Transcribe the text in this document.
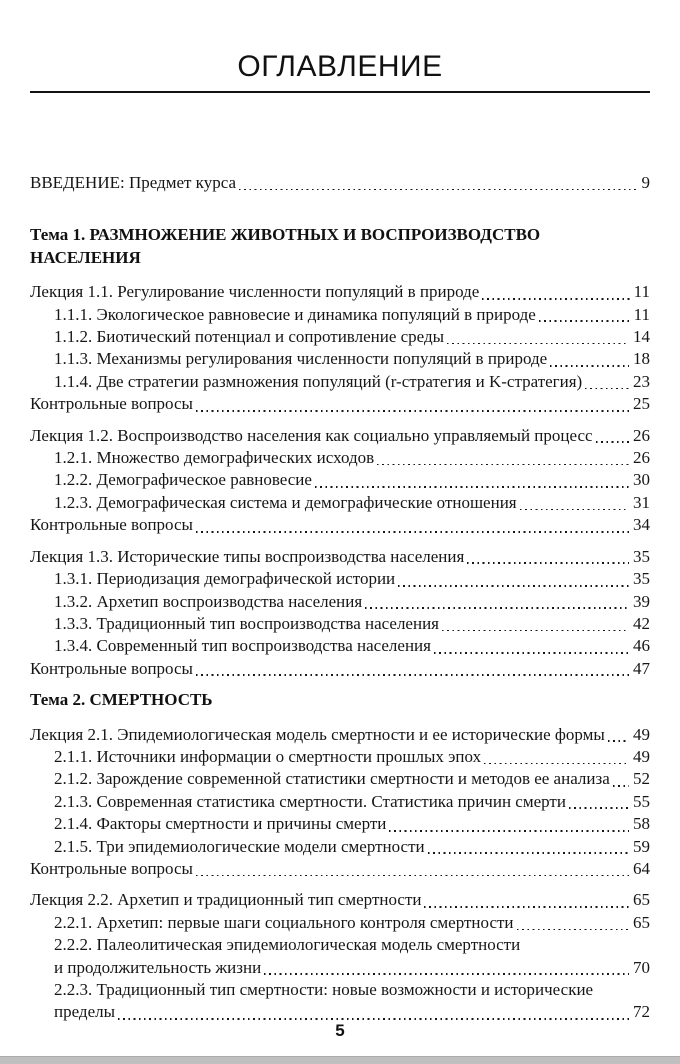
ОГЛАВЛЕНИЕ
ВВЕДЕНИЕ: Предмет курса	9
Тема 1. РАЗМНОЖЕНИЕ ЖИВОТНЫХ И ВОСПРОИЗВОДСТВО НАСЕЛЕНИЯ
Лекция 1.1. Регулирование численности популяций в природе	11
1.1.1. Экологическое равновесие и динамика популяций в природе	11
1.1.2. Биотический потенциал и сопротивление среды	14
1.1.3. Механизмы регулирования численности популяций в природе	18
1.1.4. Две стратегии размножения популяций (r-стратегия и K-стратегия)	23
Контрольные вопросы	25
Лекция 1.2. Воспроизводство населения как социально управляемый процесс 26
1.2.1. Множество демографических исходов	26
1.2.2. Демографическое равновесие	30
1.2.3. Демографическая система и демографические отношения	31
Контрольные вопросы	34
Лекция 1.3. Исторические типы воспроизводства населения	35
1.3.1. Периодизация демографической истории	35
1.3.2. Архетип воспроизводства населения	39
1.3.3. Традиционный тип воспроизводства населения	42
1.3.4. Современный тип воспроизводства населения	46
Контрольные вопросы	47
Тема 2. СМЕРТНОСТЬ
Лекция 2.1. Эпидемиологическая модель смертности и ее исторические формы 49
2.1.1. Источники информации о смертности прошлых эпох	49
2.1.2. Зарождение современной статистики смертности и методов ее анализа 52
2.1.3. Современная статистика смертности. Статистика причин смерти	55
2.1.4. Факторы смертности и причины смерти	58
2.1.5. Три эпидемиологические модели смертности	59
Контрольные вопросы	64
Лекция 2.2. Архетип и традиционный тип смертности	65
2.2.1. Архетип: первые шаги социального контроля смертности	65
2.2.2. Палеолитическая эпидемиологическая модель смертности
и продолжительность жизни	70
2.2.3. Традиционный тип смертности: новые возможности и исторические
пределы	72
5
